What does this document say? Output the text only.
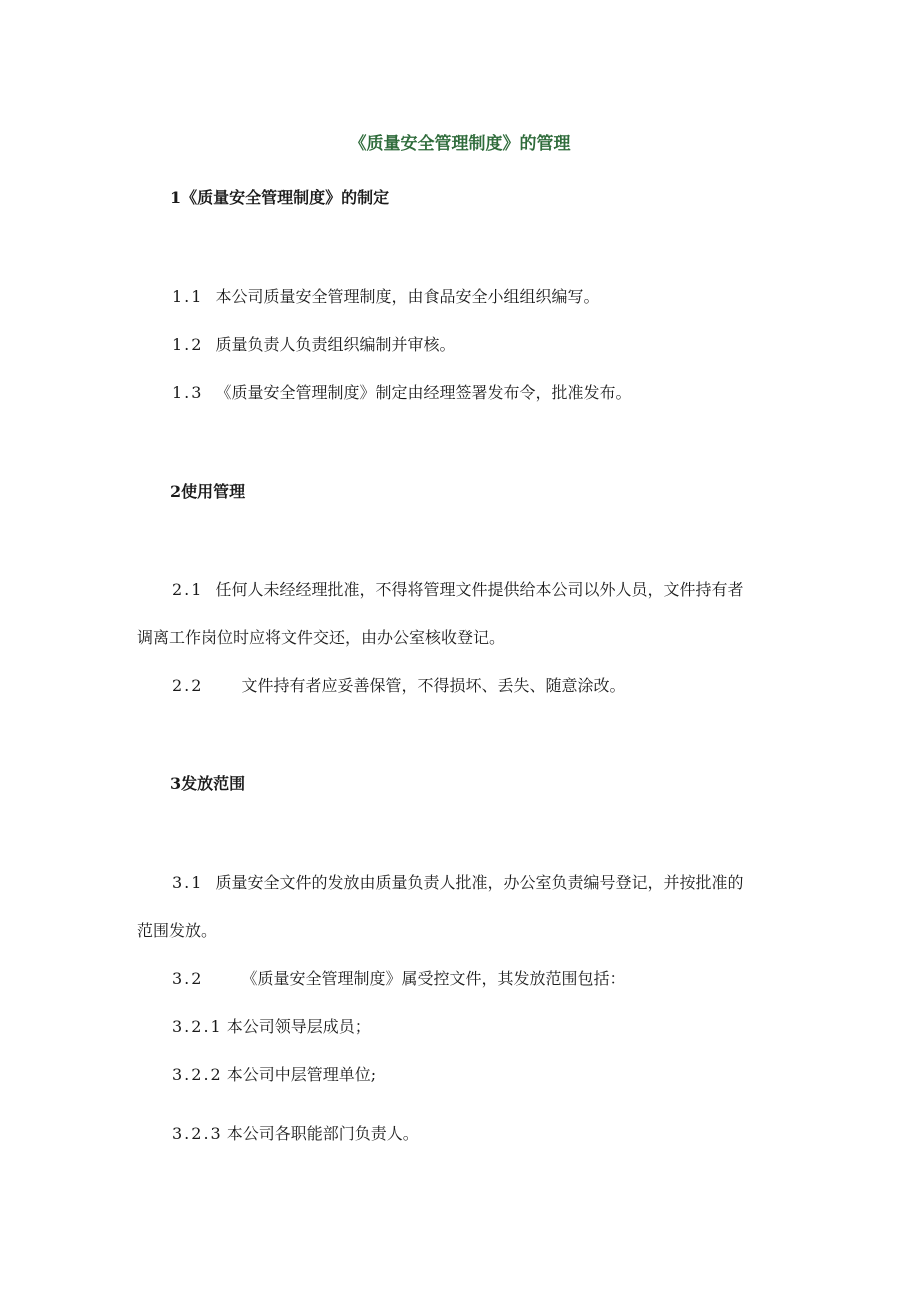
《质量安全管理制度》的管理
1《质量安全管理制度》的制定
1.1 本公司质量安全管理制度，由食品安全小组组织编写。
1.2 质量负责人负责组织编制并审核。
1.3 《质量安全管理制度》制定由经理签署发布令，批准发布。
2使用管理
2.1 任何人未经经理批准，不得将管理文件提供给本公司以外人员，文件持有者
调离工作岗位时应将文件交还，由办公室核收登记。
2.2 文件持有者应妥善保管，不得损坏、丢失、随意涂改。
3发放范围
3.1 质量安全文件的发放由质量负责人批准，办公室负责编号登记，并按批准的
范围发放。
3.2 《质量安全管理制度》属受控文件，其发放范围包括：
3.2.1 本公司领导层成员；
3.2.2 本公司中层管理单位;
3.2.3 本公司各职能部门负责人。
